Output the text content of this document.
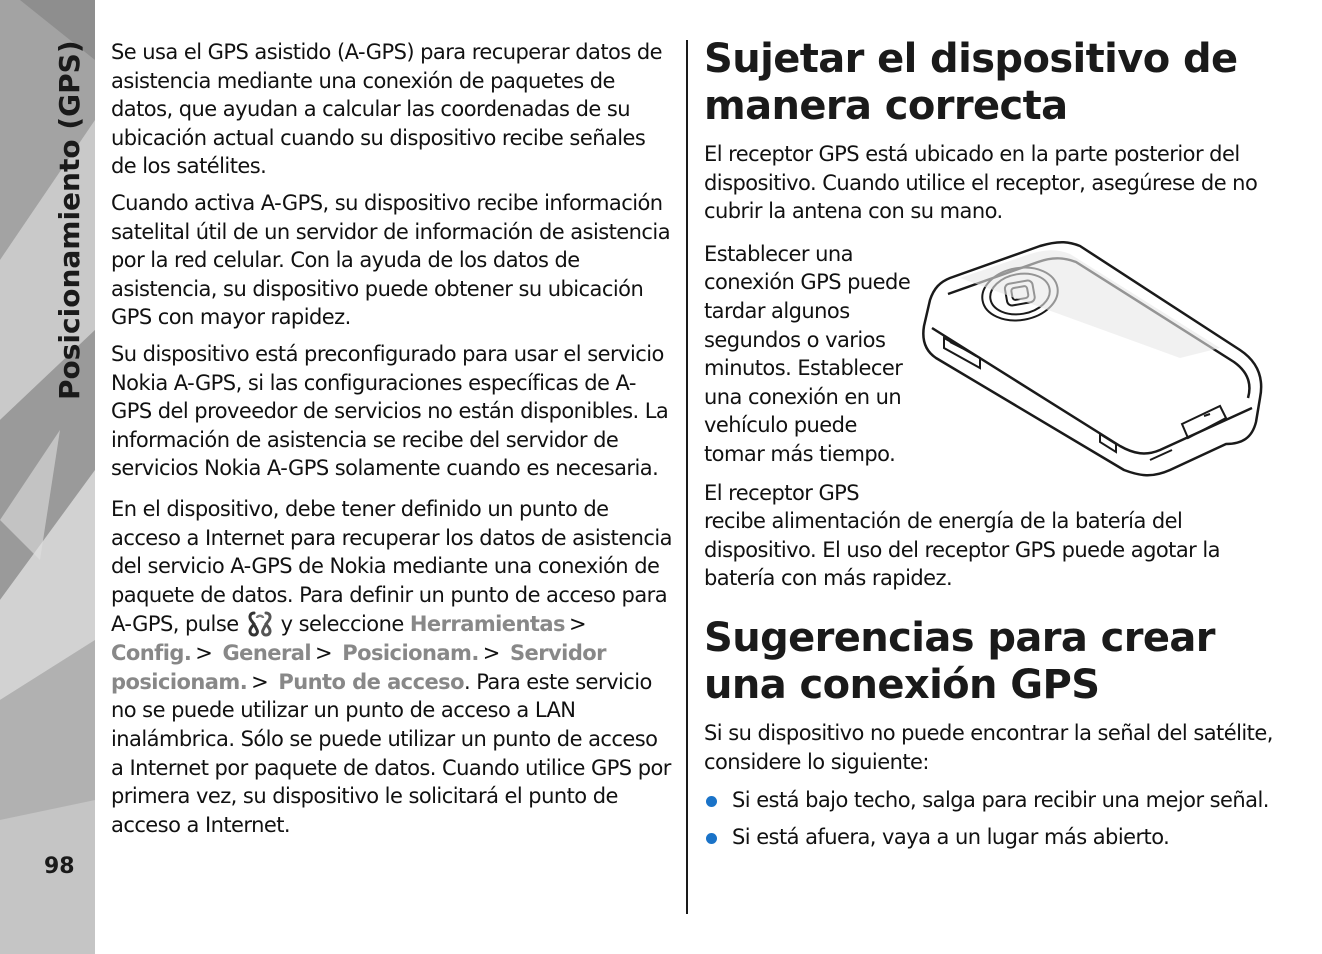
Posicionamiento (GPS)
98

Se usa el GPS asistido (A-GPS) para recuperar datos de asistencia mediante una conexión de paquetes de datos, que ayudan a calcular las coordenadas de su ubicación actual cuando su dispositivo recibe señales de los satélites.

Cuando activa A-GPS, su dispositivo recibe información satelital útil de un servidor de información de asistencia por la red celular. Con la ayuda de los datos de asistencia, su dispositivo puede obtener su ubicación GPS con mayor rapidez.

Su dispositivo está preconfigurado para usar el servicio Nokia A-GPS, si las configuraciones específicas de A-GPS del proveedor de servicios no están disponibles. La información de asistencia se recibe del servidor de servicios Nokia A-GPS solamente cuando es necesaria.

En el dispositivo, debe tener definido un punto de acceso a Internet para recuperar los datos de asistencia del servicio A-GPS de Nokia mediante una conexión de paquete de datos. Para definir un punto de acceso para A-GPS, pulse y seleccione Herramientas > Config. > General > Posicionam. > Servidor posicionam. > Punto de acceso. Para este servicio no se puede utilizar un punto de acceso a LAN inalámbrica. Sólo se puede utilizar un punto de acceso a Internet por paquete de datos. Cuando utilice GPS por primera vez, su dispositivo le solicitará el punto de acceso a Internet.

Sujetar el dispositivo de manera correcta

El receptor GPS está ubicado en la parte posterior del dispositivo. Cuando utilice el receptor, asegúrese de no cubrir la antena con su mano.

Establecer una conexión GPS puede tardar algunos segundos o varios minutos. Establecer una conexión en un vehículo puede tomar más tiempo.

El receptor GPS
recibe alimentación de energía de la batería del dispositivo. El uso del receptor GPS puede agotar la batería con más rapidez.

Sugerencias para crear una conexión GPS

Si su dispositivo no puede encontrar la señal del satélite, considere lo siguiente:

Si está bajo techo, salga para recibir una mejor señal.
Si está afuera, vaya a un lugar más abierto.
